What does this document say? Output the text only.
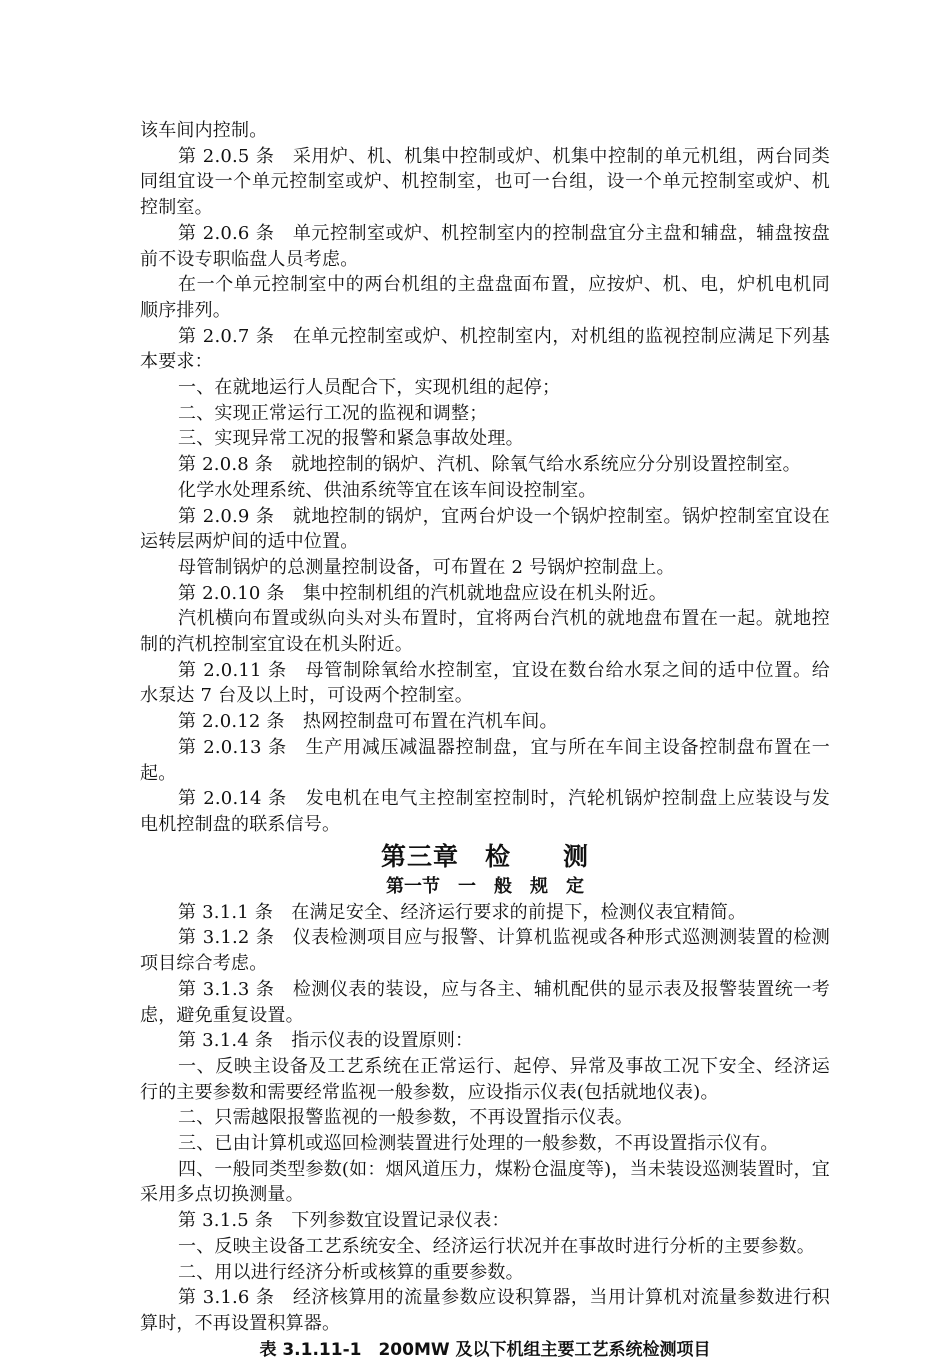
该车间内控制。

第 2.0.5 条　采用炉、机、机集中控制或炉、机集中控制的单元机组，两台同类同组宜设一个单元控制室或炉、机控制室，也可一台组，设一个单元控制室或炉、机控制室。

第 2.0.6 条　单元控制室或炉、机控制室内的控制盘宜分主盘和辅盘，辅盘按盘前不设专职临盘人员考虑。

在一个单元控制室中的两台机组的主盘盘面布置，应按炉、机、电，炉机电机同顺序排列。

第 2.0.7 条　在单元控制室或炉、机控制室内，对机组的监视控制应满足下列基本要求：

一、在就地运行人员配合下，实现机组的起停；

二、实现正常运行工况的监视和调整；

三、实现异常工况的报警和紧急事故处理。

第 2.0.8 条　就地控制的锅炉、汽机、除氧气给水系统应分分别设置控制室。

化学水处理系统、供油系统等宜在该车间设控制室。

第 2.0.9 条　就地控制的锅炉，宜两台炉设一个锅炉控制室。锅炉控制室宜设在运转层两炉间的适中位置。

母管制锅炉的总测量控制设备，可布置在 2 号锅炉控制盘上。

第 2.0.10 条　集中控制机组的汽机就地盘应设在机头附近。

汽机横向布置或纵向头对头布置时，宜将两台汽机的就地盘布置在一起。就地控制的汽机控制室宜设在机头附近。

第 2.0.11 条　母管制除氧给水控制室，宜设在数台给水泵之间的适中位置。给水泵达 7 台及以上时，可设两个控制室。

第 2.0.12 条　热网控制盘可布置在汽机车间。

第 2.0.13 条　生产用减压减温器控制盘，宜与所在车间主设备控制盘布置在一起。

第 2.0.14 条　发电机在电气主控制室控制时，汽轮机锅炉控制盘上应装设与发电机控制盘的联系信号。

第三章　检　　测
第一节　一　般　规　定

第 3.1.1 条　在满足安全、经济运行要求的前提下，检测仪表宜精简。

第 3.1.2 条　仪表检测项目应与报警、计算机监视或各种形式巡测测装置的检测项目综合考虑。

第 3.1.3 条　检测仪表的装设，应与各主、辅机配供的显示表及报警装置统一考虑，避免重复设置。

第 3.1.4 条　指示仪表的设置原则：

一、反映主设备及工艺系统在正常运行、起停、异常及事故工况下安全、经济运行的主要参数和需要经常监视一般参数，应设指示仪表(包括就地仪表)。

二、只需越限报警监视的一般参数，不再设置指示仪表。

三、已由计算机或巡回检测装置进行处理的一般参数，不再设置指示仪有。

四、一般同类型参数(如：烟风道压力，煤粉仓温度等)，当未装设巡测装置时，宜采用多点切换测量。

第 3.1.5 条　下列参数宜设置记录仪表：

一、反映主设备工艺系统安全、经济运行状况并在事故时进行分析的主要参数。

二、用以进行经济分析或核算的重要参数。

第 3.1.6 条　经济核算用的流量参数应设积算器，当用计算机对流量参数进行积算时，不再设置积算器。

表 3.1.11-1　200MW 及以下机组主要工艺系统检测项目
